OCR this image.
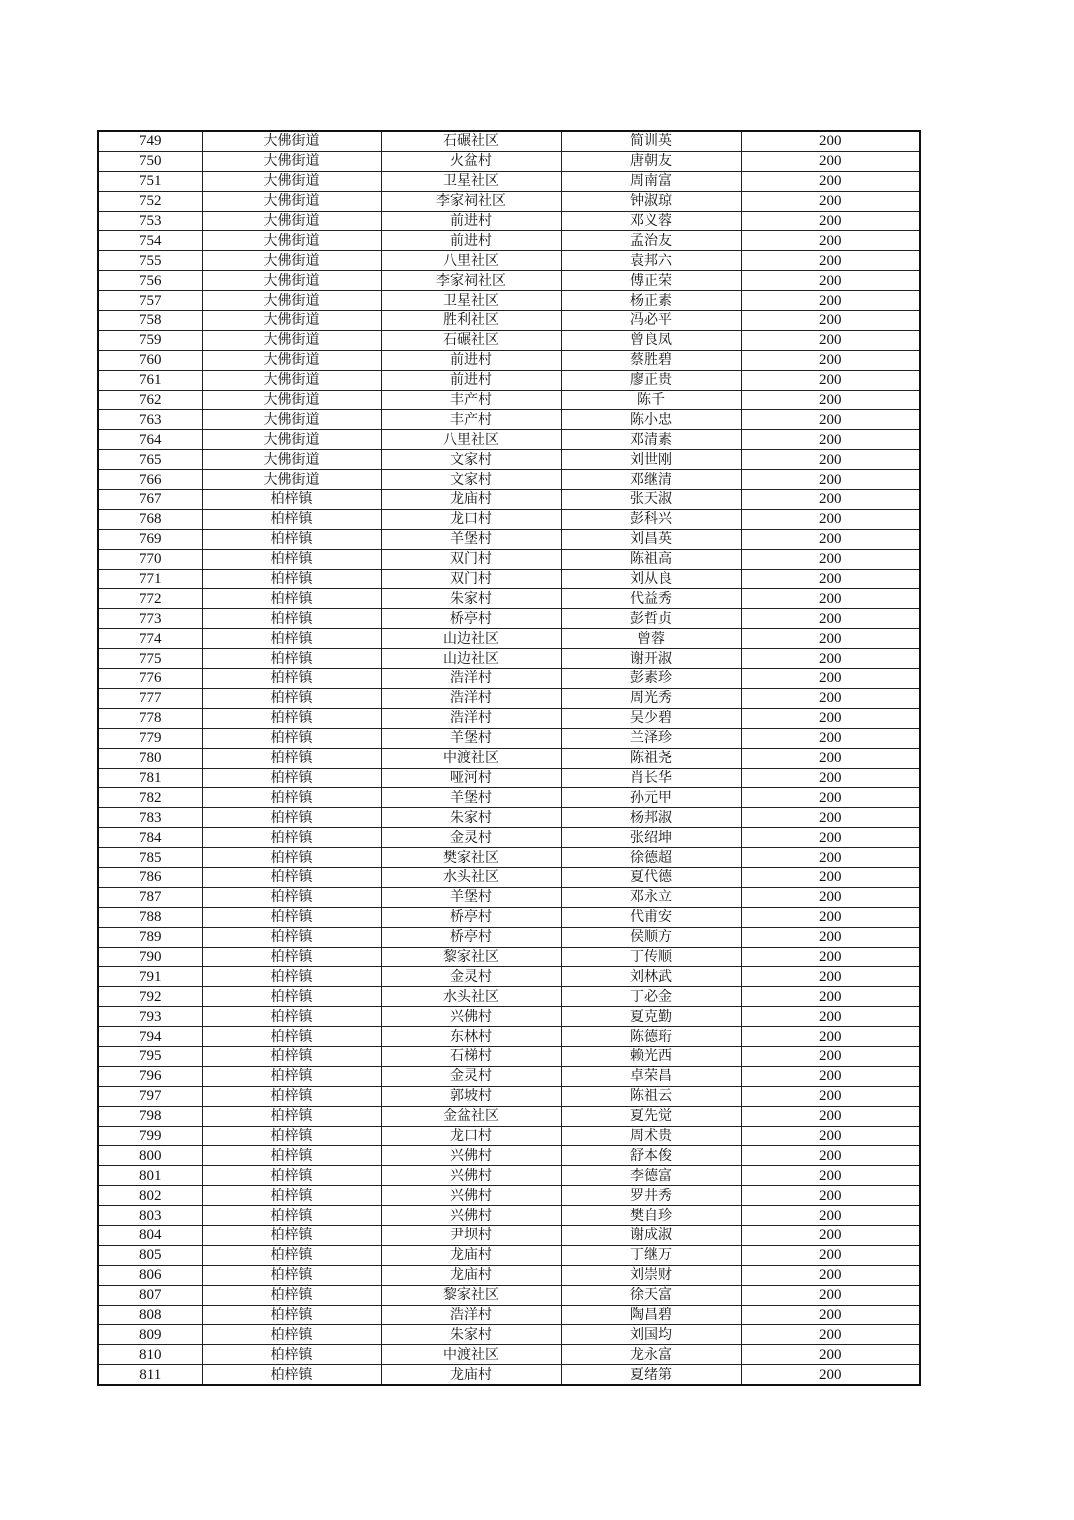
749	大佛街道	石碾社区	简训英	200
750	大佛街道	火盆村	唐朝友	200
751	大佛街道	卫星社区	周南富	200
752	大佛街道	李家祠社区	钟淑琼	200
753	大佛街道	前进村	邓义蓉	200
754	大佛街道	前进村	孟治友	200
755	大佛街道	八里社区	袁邦六	200
756	大佛街道	李家祠社区	傅正荣	200
757	大佛街道	卫星社区	杨正素	200
758	大佛街道	胜利社区	冯必平	200
759	大佛街道	石碾社区	曾良凤	200
760	大佛街道	前进村	蔡胜碧	200
761	大佛街道	前进村	廖正贵	200
762	大佛街道	丰产村	陈千	200
763	大佛街道	丰产村	陈小忠	200
764	大佛街道	八里社区	邓清素	200
765	大佛街道	文家村	刘世刚	200
766	大佛街道	文家村	邓继清	200
767	柏梓镇	龙庙村	张天淑	200
768	柏梓镇	龙口村	彭科兴	200
769	柏梓镇	羊堡村	刘昌英	200
770	柏梓镇	双门村	陈祖高	200
771	柏梓镇	双门村	刘从良	200
772	柏梓镇	朱家村	代益秀	200
773	柏梓镇	桥亭村	彭哲贞	200
774	柏梓镇	山边社区	曾蓉	200
775	柏梓镇	山边社区	谢开淑	200
776	柏梓镇	浩洋村	彭素珍	200
777	柏梓镇	浩洋村	周光秀	200
778	柏梓镇	浩洋村	吴少碧	200
779	柏梓镇	羊堡村	兰泽珍	200
780	柏梓镇	中渡社区	陈祖尧	200
781	柏梓镇	哑河村	肖长华	200
782	柏梓镇	羊堡村	孙元甲	200
783	柏梓镇	朱家村	杨邦淑	200
784	柏梓镇	金灵村	张绍坤	200
785	柏梓镇	樊家社区	徐德超	200
786	柏梓镇	水头社区	夏代德	200
787	柏梓镇	羊堡村	邓永立	200
788	柏梓镇	桥亭村	代甫安	200
789	柏梓镇	桥亭村	侯顺方	200
790	柏梓镇	黎家社区	丁传顺	200
791	柏梓镇	金灵村	刘林武	200
792	柏梓镇	水头社区	丁必金	200
793	柏梓镇	兴佛村	夏克勤	200
794	柏梓镇	东林村	陈德珩	200
795	柏梓镇	石梯村	赖光西	200
796	柏梓镇	金灵村	卓荣昌	200
797	柏梓镇	郭坡村	陈祖云	200
798	柏梓镇	金盆社区	夏先觉	200
799	柏梓镇	龙口村	周术贵	200
800	柏梓镇	兴佛村	舒本俊	200
801	柏梓镇	兴佛村	李德富	200
802	柏梓镇	兴佛村	罗井秀	200
803	柏梓镇	兴佛村	樊自珍	200
804	柏梓镇	尹坝村	谢成淑	200
805	柏梓镇	龙庙村	丁继万	200
806	柏梓镇	龙庙村	刘崇财	200
807	柏梓镇	黎家社区	徐天富	200
808	柏梓镇	浩洋村	陶昌碧	200
809	柏梓镇	朱家村	刘国均	200
810	柏梓镇	中渡社区	龙永富	200
811	柏梓镇	龙庙村	夏绪第	200
